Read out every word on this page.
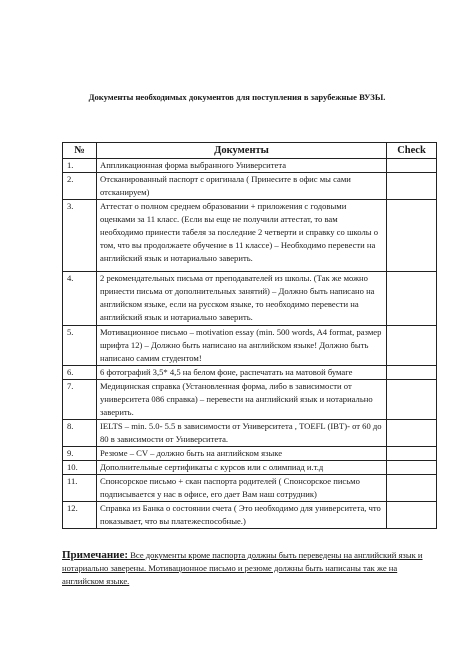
Документы необходимых документов для поступления в зарубежные ВУЗЫ.
№	Документы	Check
1.	Аппликационная форма выбранного Университета	
2.	Отсканированный паспорт с оригинала ( Принесите в офис мы сами отсканируем)	
3.	Аттестат о полном среднем образовании + приложения с годовыми оценками за 11 класс. (Если вы еще не получили аттестат, то вам необходимо принести табеля за последние 2 четверти и справку со школы о том, что вы продолжаете обучение в 11 классе) – Необходимо перевести на английский язык и нотариально заверить.	
4.	2 рекомендательных письма от преподавателей из школы. (Так же можно принести письма от дополнительных занятий) – Должно быть написано на английском языке, если на русском языке, то необходимо перевести на английский язык и нотариально заверить.	
5.	Мотивационное письмо – motivation essay (min. 500 words, A4 format, размер шрифта 12) – Должно быть написано на английском языке! Должно быть написано самим студентом!	
6.	6 фотографий 3,5* 4,5 на белом фоне, распечатать на матовой бумаге	
7.	Медицинская справка (Установленная форма, либо в зависимости от университета 086 справка) – перевести на английский язык и нотариально заверить.	
8.	IELTS – min. 5.0- 5.5 в зависимости от Университета , TOEFL (IBT)- от 60 до 80 в зависимости от Университета.	
9.	Резюме – CV – должно быть на английском языке	
10.	Дополнительные сертификаты с курсов или с олимпиад и.т.д	
11.	Спонсорское письмо + скан паспорта родителей ( Спонсорское письмо подписывается у нас в офисе, его дает Вам наш сотрудник)	
12.	Справка из Банка о состоянии счета ( Это необходимо для университета, что показывает, что вы платежеспособные.)	
Примечание: Все документы кроме паспорта должны быть переведены на английский язык и нотариально заверены. Мотивационное письмо и резюме должны быть написаны так же на английском языке.
